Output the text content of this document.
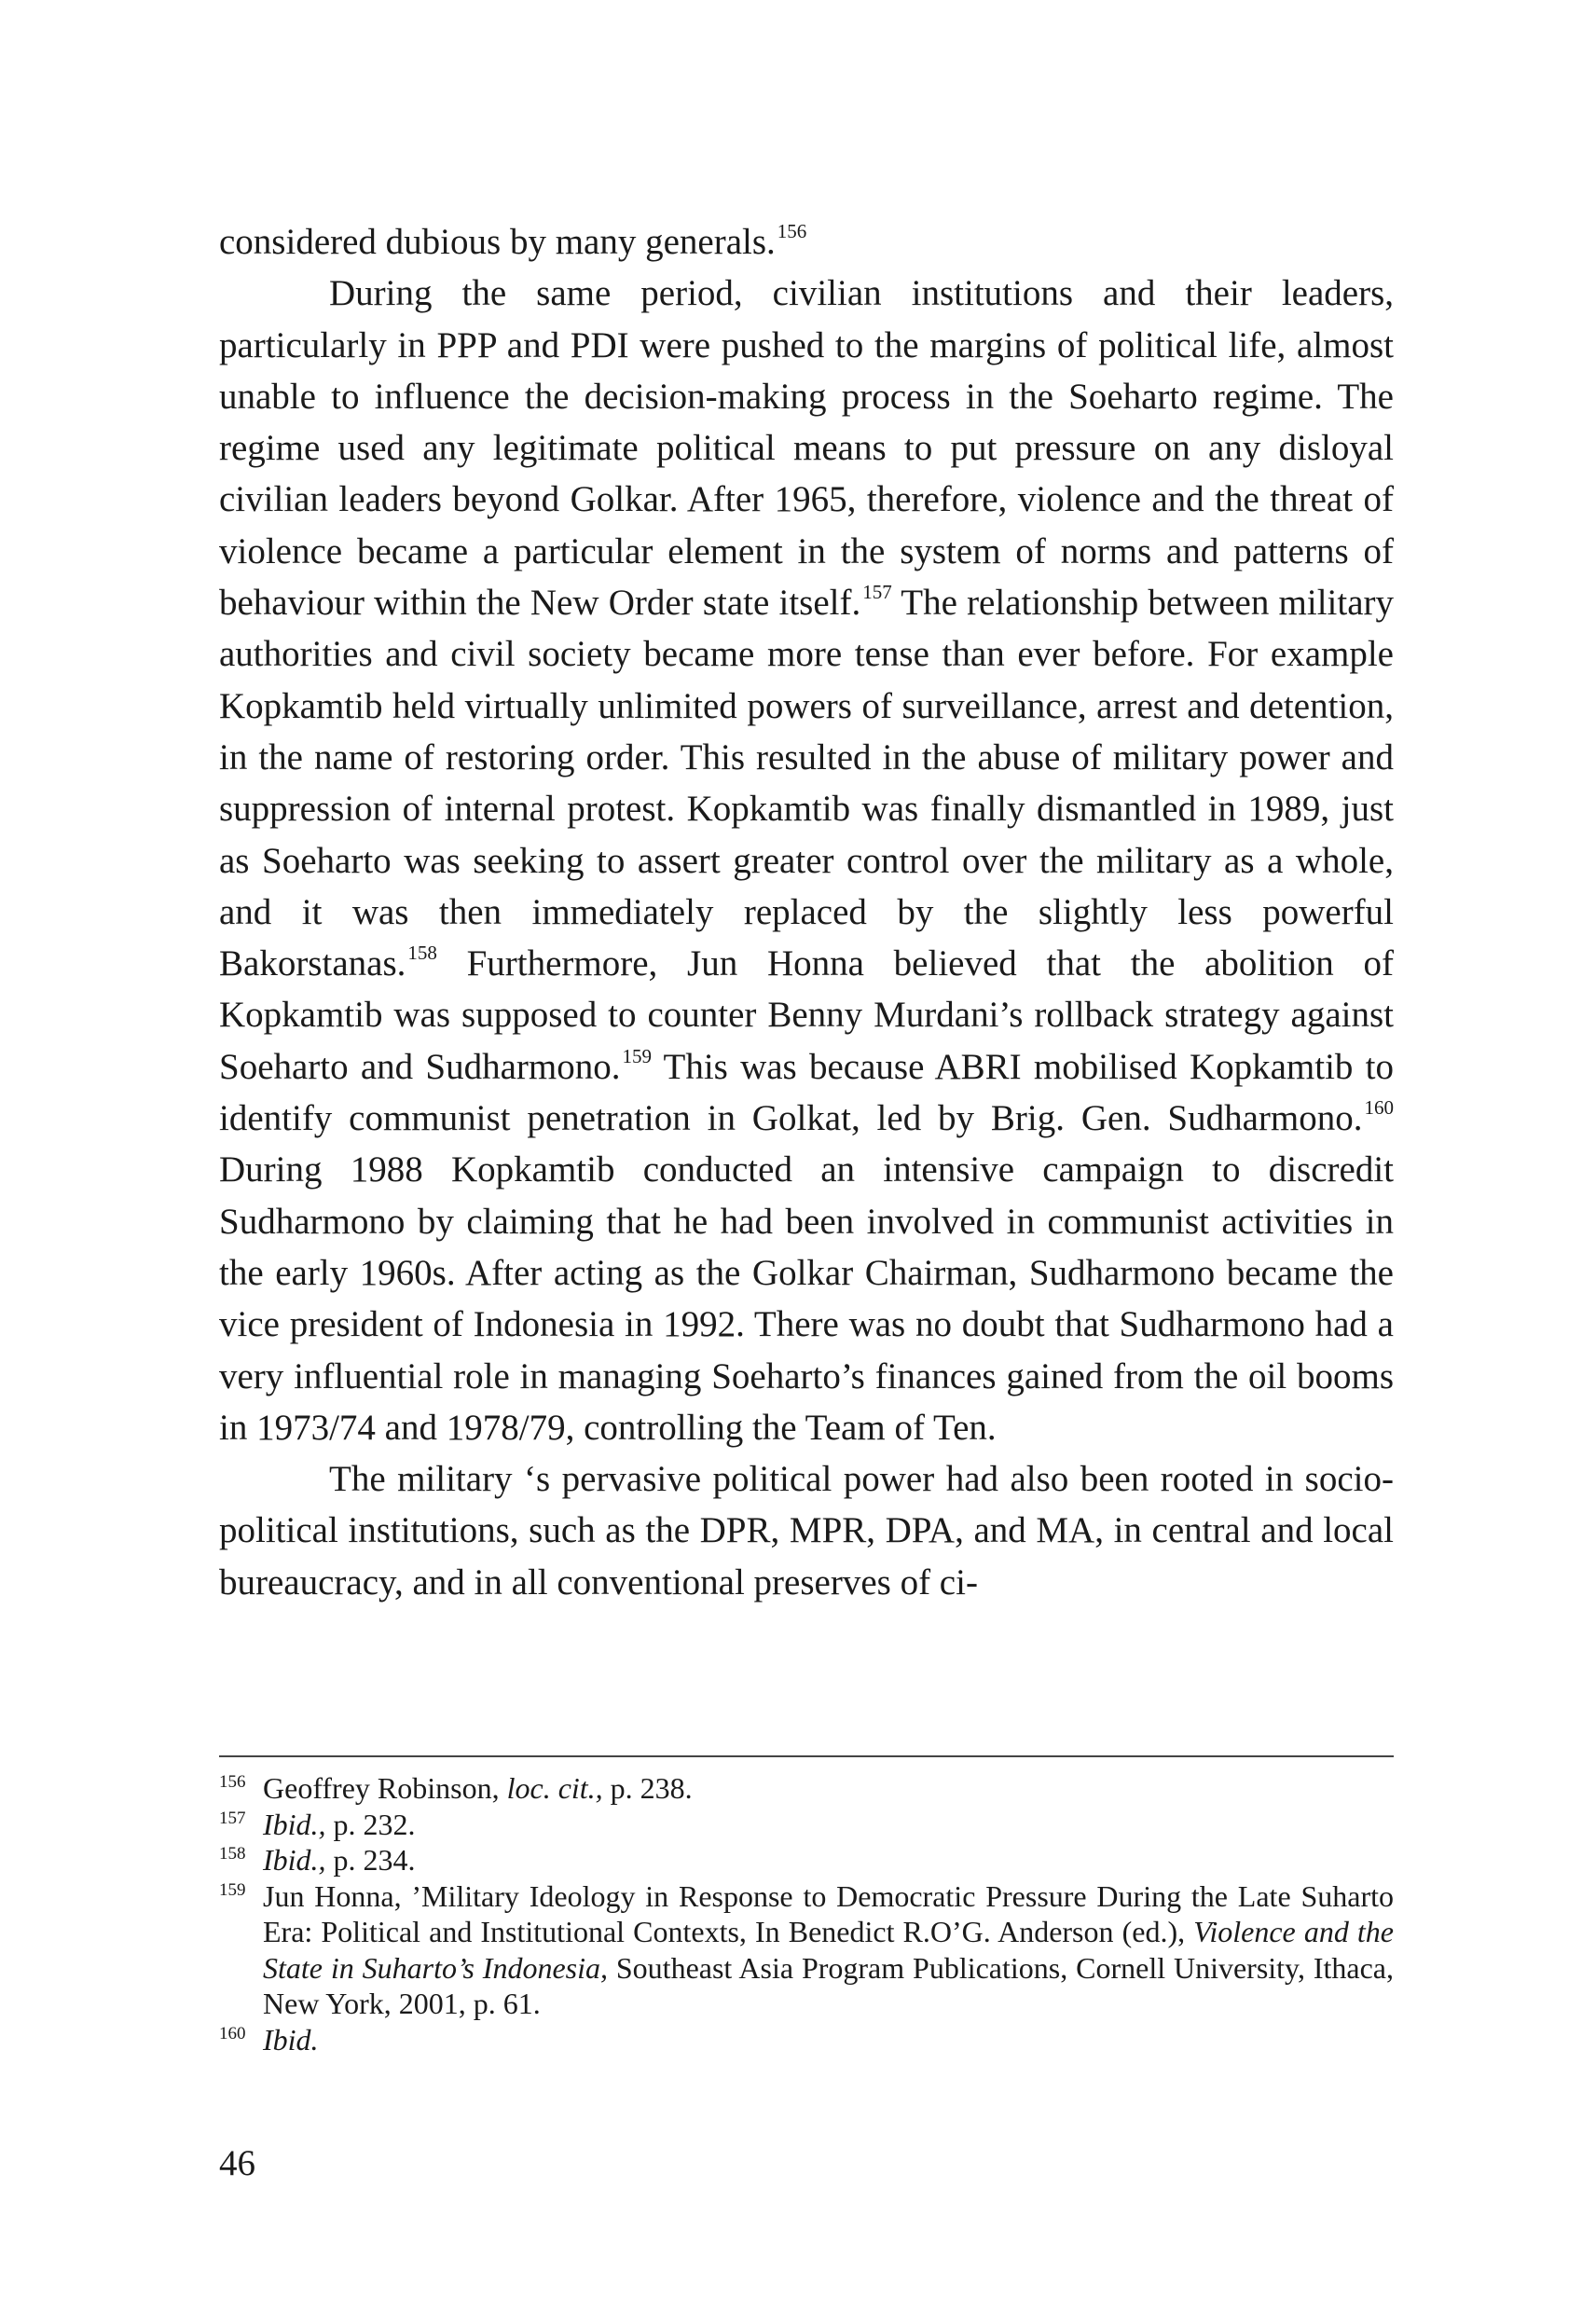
considered dubious by many generals.$^{156}$

During the same period, civilian institutions and their leaders, particularly in PPP and PDI were pushed to the margins of political life, almost unable to influence the decision-making process in the Soeharto regime. The regime used any legitimate political means to put pressure on any disloyal civilian leaders beyond Golkar. After 1965, therefore, violence and the threat of violence became a particular element in the system of norms and patterns of behaviour within the New Order state itself.$^{157}$ The relationship between military authorities and civil society became more tense than ever before. For example Kopkamtib held virtually unlimited powers of surveillance, arrest and detention, in the name of restoring order. This resulted in the abuse of military power and suppression of internal protest. Kopkamtib was finally dismantled in 1989, just as Soeharto was seeking to assert greater control over the military as a whole, and it was then immediately replaced by the slightly less powerful Bakorstanas.$^{158}$ Furthermore, Jun Honna believed that the abolition of Kopkamtib was supposed to counter Benny Murdani’s rollback strategy against Soeharto and Sudharmono.$^{159}$ This was because ABRI mobilised Kopkamtib to identify communist penetration in Golkat, led by Brig. Gen. Sudharmono.$^{160}$ During 1988 Kopkamtib conducted an intensive campaign to discredit Sudharmono by claiming that he had been involved in communist activities in the early 1960s. After acting as the Golkar Chairman, Sudharmono became the vice president of Indonesia in 1992. There was no doubt that Sudharmono had a very influential role in managing Soeharto’s finances gained from the oil booms in 1973/74 and 1978/79, controlling the Team of Ten.

The military ‘s pervasive political power had also been rooted in socio-political institutions, such as the DPR, MPR, DPA, and MA, in central and local bureaucracy, and in all conventional preserves of ci-

156 Geoffrey Robinson, loc. cit., p. 238.
157 Ibid., p. 232.
158 Ibid., p. 234.
159 Jun Honna, ’Military Ideology in Response to Democratic Pressure During the Late Suharto Era: Political and Institutional Contexts, In Benedict R.O’G. Anderson (ed.), Violence and the State in Suharto’s Indonesia, Southeast Asia Program Publications, Cornell University, Ithaca, New York, 2001, p. 61.
160 Ibid.
46
